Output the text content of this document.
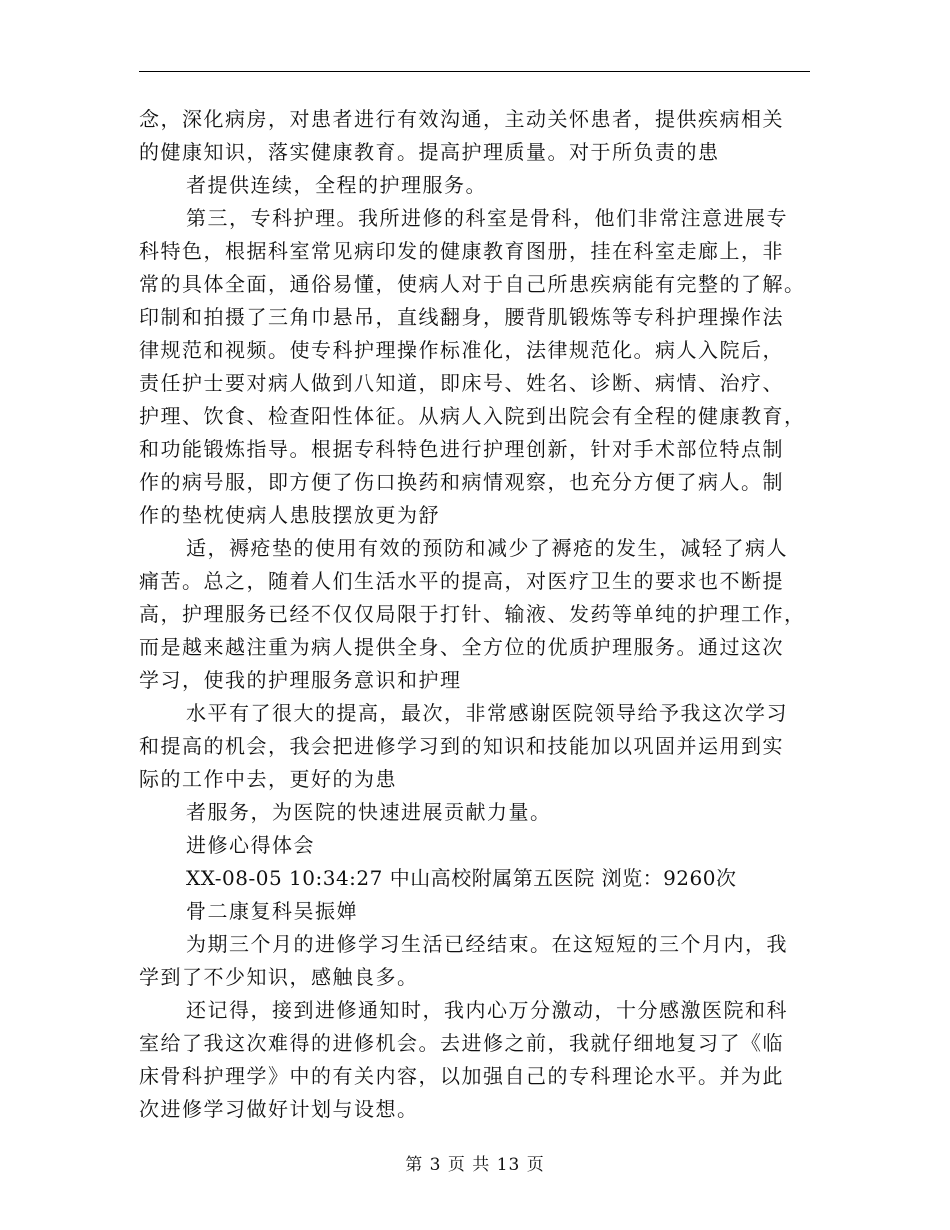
念，深化病房，对患者进行有效沟通，主动关怀患者，提供疾病相关
的健康知识，落实健康教育。提高护理质量。对于所负责的患
者提供连续，全程的护理服务。
第三，专科护理。我所进修的科室是骨科，他们非常注意进展专
科特色，根据科室常见病印发的健康教育图册，挂在科室走廊上，非
常的具体全面，通俗易懂，使病人对于自己所患疾病能有完整的了解。
印制和拍摄了三角巾悬吊，直线翻身，腰背肌锻炼等专科护理操作法
律规范和视频。使专科护理操作标准化，法律规范化。病人入院后，
责任护士要对病人做到八知道，即床号、姓名、诊断、病情、治疗、
护理、饮食、检查阳性体征。从病人入院到出院会有全程的健康教育，
和功能锻炼指导。根据专科特色进行护理创新，针对手术部位特点制
作的病号服，即方便了伤口换药和病情观察，也充分方便了病人。制
作的垫枕使病人患肢摆放更为舒
适，褥疮垫的使用有效的预防和减少了褥疮的发生，减轻了病人
痛苦。总之，随着人们生活水平的提高，对医疗卫生的要求也不断提
高，护理服务已经不仅仅局限于打针、输液、发药等单纯的护理工作，
而是越来越注重为病人提供全身、全方位的优质护理服务。通过这次
学习，使我的护理服务意识和护理
水平有了很大的提高，最次，非常感谢医院领导给予我这次学习
和提高的机会，我会把进修学习到的知识和技能加以巩固并运用到实
际的工作中去，更好的为患
者服务，为医院的快速进展贡献力量。
进修心得体会
XX-08-05 10:34:27 中山高校附属第五医院 浏览：9260次
骨二康复科吴振婵
为期三个月的进修学习生活已经结束。在这短短的三个月内，我
学到了不少知识，感触良多。
还记得，接到进修通知时，我内心万分激动，十分感激医院和科
室给了我这次难得的进修机会。去进修之前，我就仔细地复习了《临
床骨科护理学》中的有关内容，以加强自己的专科理论水平。并为此
次进修学习做好计划与设想。
第 3 页 共 13 页
